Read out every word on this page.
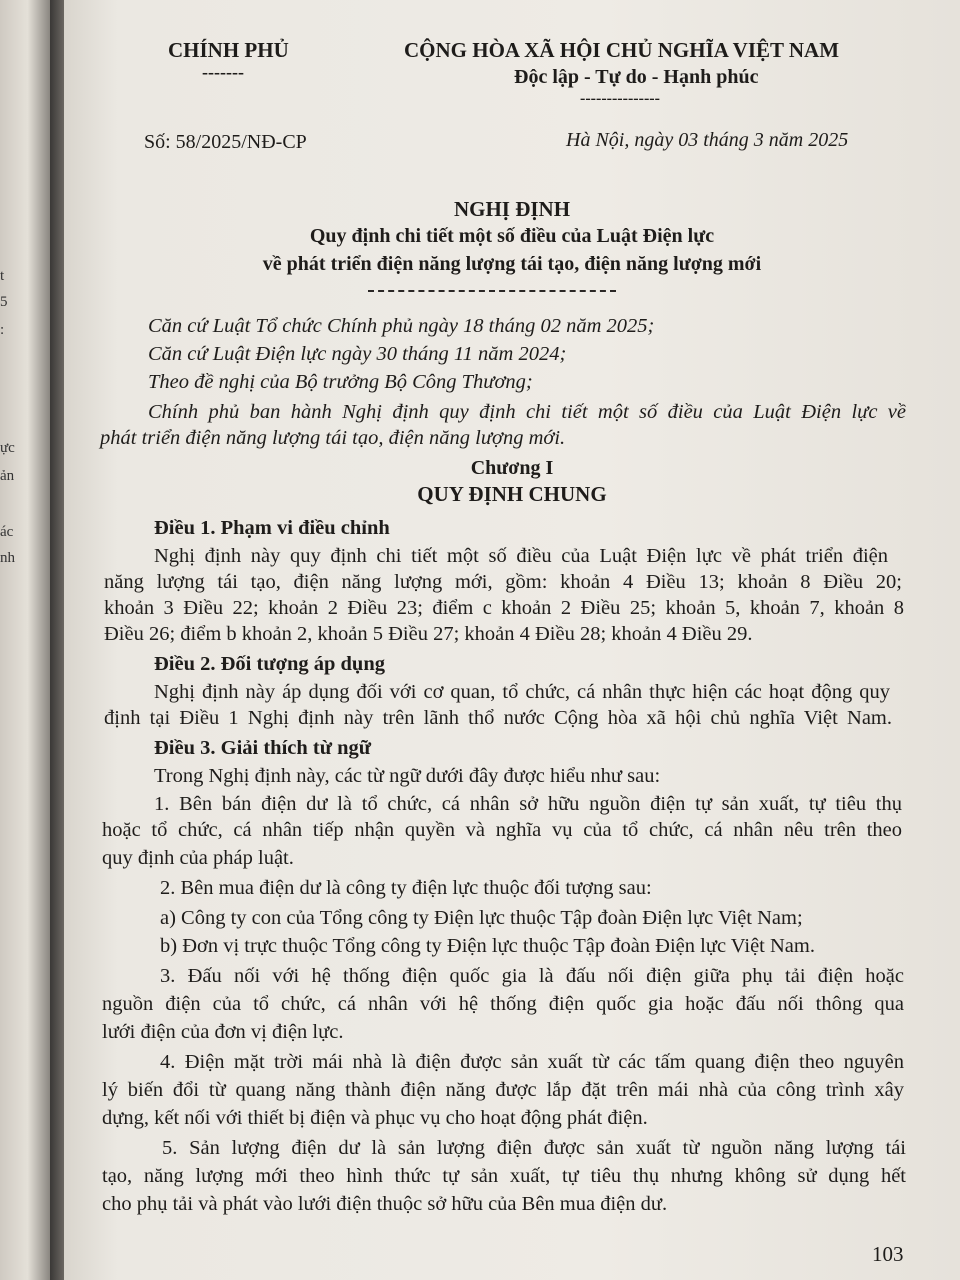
t
5
:
ực
ản
ác
nh
CHÍNH PHỦ
-------
CỘNG HÒA XÃ HỘI CHỦ NGHĨA VIỆT NAM
Độc lập - Tự do - Hạnh phúc
---------------
Số: 58/2025/NĐ-CP	Hà Nội, ngày 03 tháng 3 năm 2025
NGHỊ ĐỊNH
Quy định chi tiết một số điều của Luật Điện lực
về phát triển điện năng lượng tái tạo, điện năng lượng mới
Căn cứ Luật Tổ chức Chính phủ ngày 18 tháng 02 năm 2025;
Căn cứ Luật Điện lực ngày 30 tháng 11 năm 2024;
Theo đề nghị của Bộ trưởng Bộ Công Thương;
Chính phủ ban hành Nghị định quy định chi tiết một số điều của Luật Điện lực về
phát triển điện năng lượng tái tạo, điện năng lượng mới.
Chương I
QUY ĐỊNH CHUNG
Điều 1. Phạm vi điều chỉnh
Nghị định này quy định chi tiết một số điều của Luật Điện lực về phát triển điện
năng lượng tái tạo, điện năng lượng mới, gồm: khoản 4 Điều 13; khoản 8 Điều 20;
khoản 3 Điều 22; khoản 2 Điều 23; điểm c khoản 2 Điều 25; khoản 5, khoản 7, khoản 8
Điều 26; điểm b khoản 2, khoản 5 Điều 27; khoản 4 Điều 28; khoản 4 Điều 29.
Điều 2. Đối tượng áp dụng
Nghị định này áp dụng đối với cơ quan, tổ chức, cá nhân thực hiện các hoạt động quy
định tại Điều 1 Nghị định này trên lãnh thổ nước Cộng hòa xã hội chủ nghĩa Việt Nam.
Điều 3. Giải thích từ ngữ
Trong Nghị định này, các từ ngữ dưới đây được hiểu như sau:
1. Bên bán điện dư là tổ chức, cá nhân sở hữu nguồn điện tự sản xuất, tự tiêu thụ
hoặc tổ chức, cá nhân tiếp nhận quyền và nghĩa vụ của tổ chức, cá nhân nêu trên theo
quy định của pháp luật.
2. Bên mua điện dư là công ty điện lực thuộc đối tượng sau:
a) Công ty con của Tổng công ty Điện lực thuộc Tập đoàn Điện lực Việt Nam;
b) Đơn vị trực thuộc Tổng công ty Điện lực thuộc Tập đoàn Điện lực Việt Nam.
3. Đấu nối với hệ thống điện quốc gia là đấu nối điện giữa phụ tải điện hoặc
nguồn điện của tổ chức, cá nhân với hệ thống điện quốc gia hoặc đấu nối thông qua
lưới điện của đơn vị điện lực.
4. Điện mặt trời mái nhà là điện được sản xuất từ các tấm quang điện theo nguyên
lý biến đổi từ quang năng thành điện năng được lắp đặt trên mái nhà của công trình xây
dựng, kết nối với thiết bị điện và phục vụ cho hoạt động phát điện.
5. Sản lượng điện dư là sản lượng điện được sản xuất từ nguồn năng lượng tái
tạo, năng lượng mới theo hình thức tự sản xuất, tự tiêu thụ nhưng không sử dụng hết
cho phụ tải và phát vào lưới điện thuộc sở hữu của Bên mua điện dư.
103
